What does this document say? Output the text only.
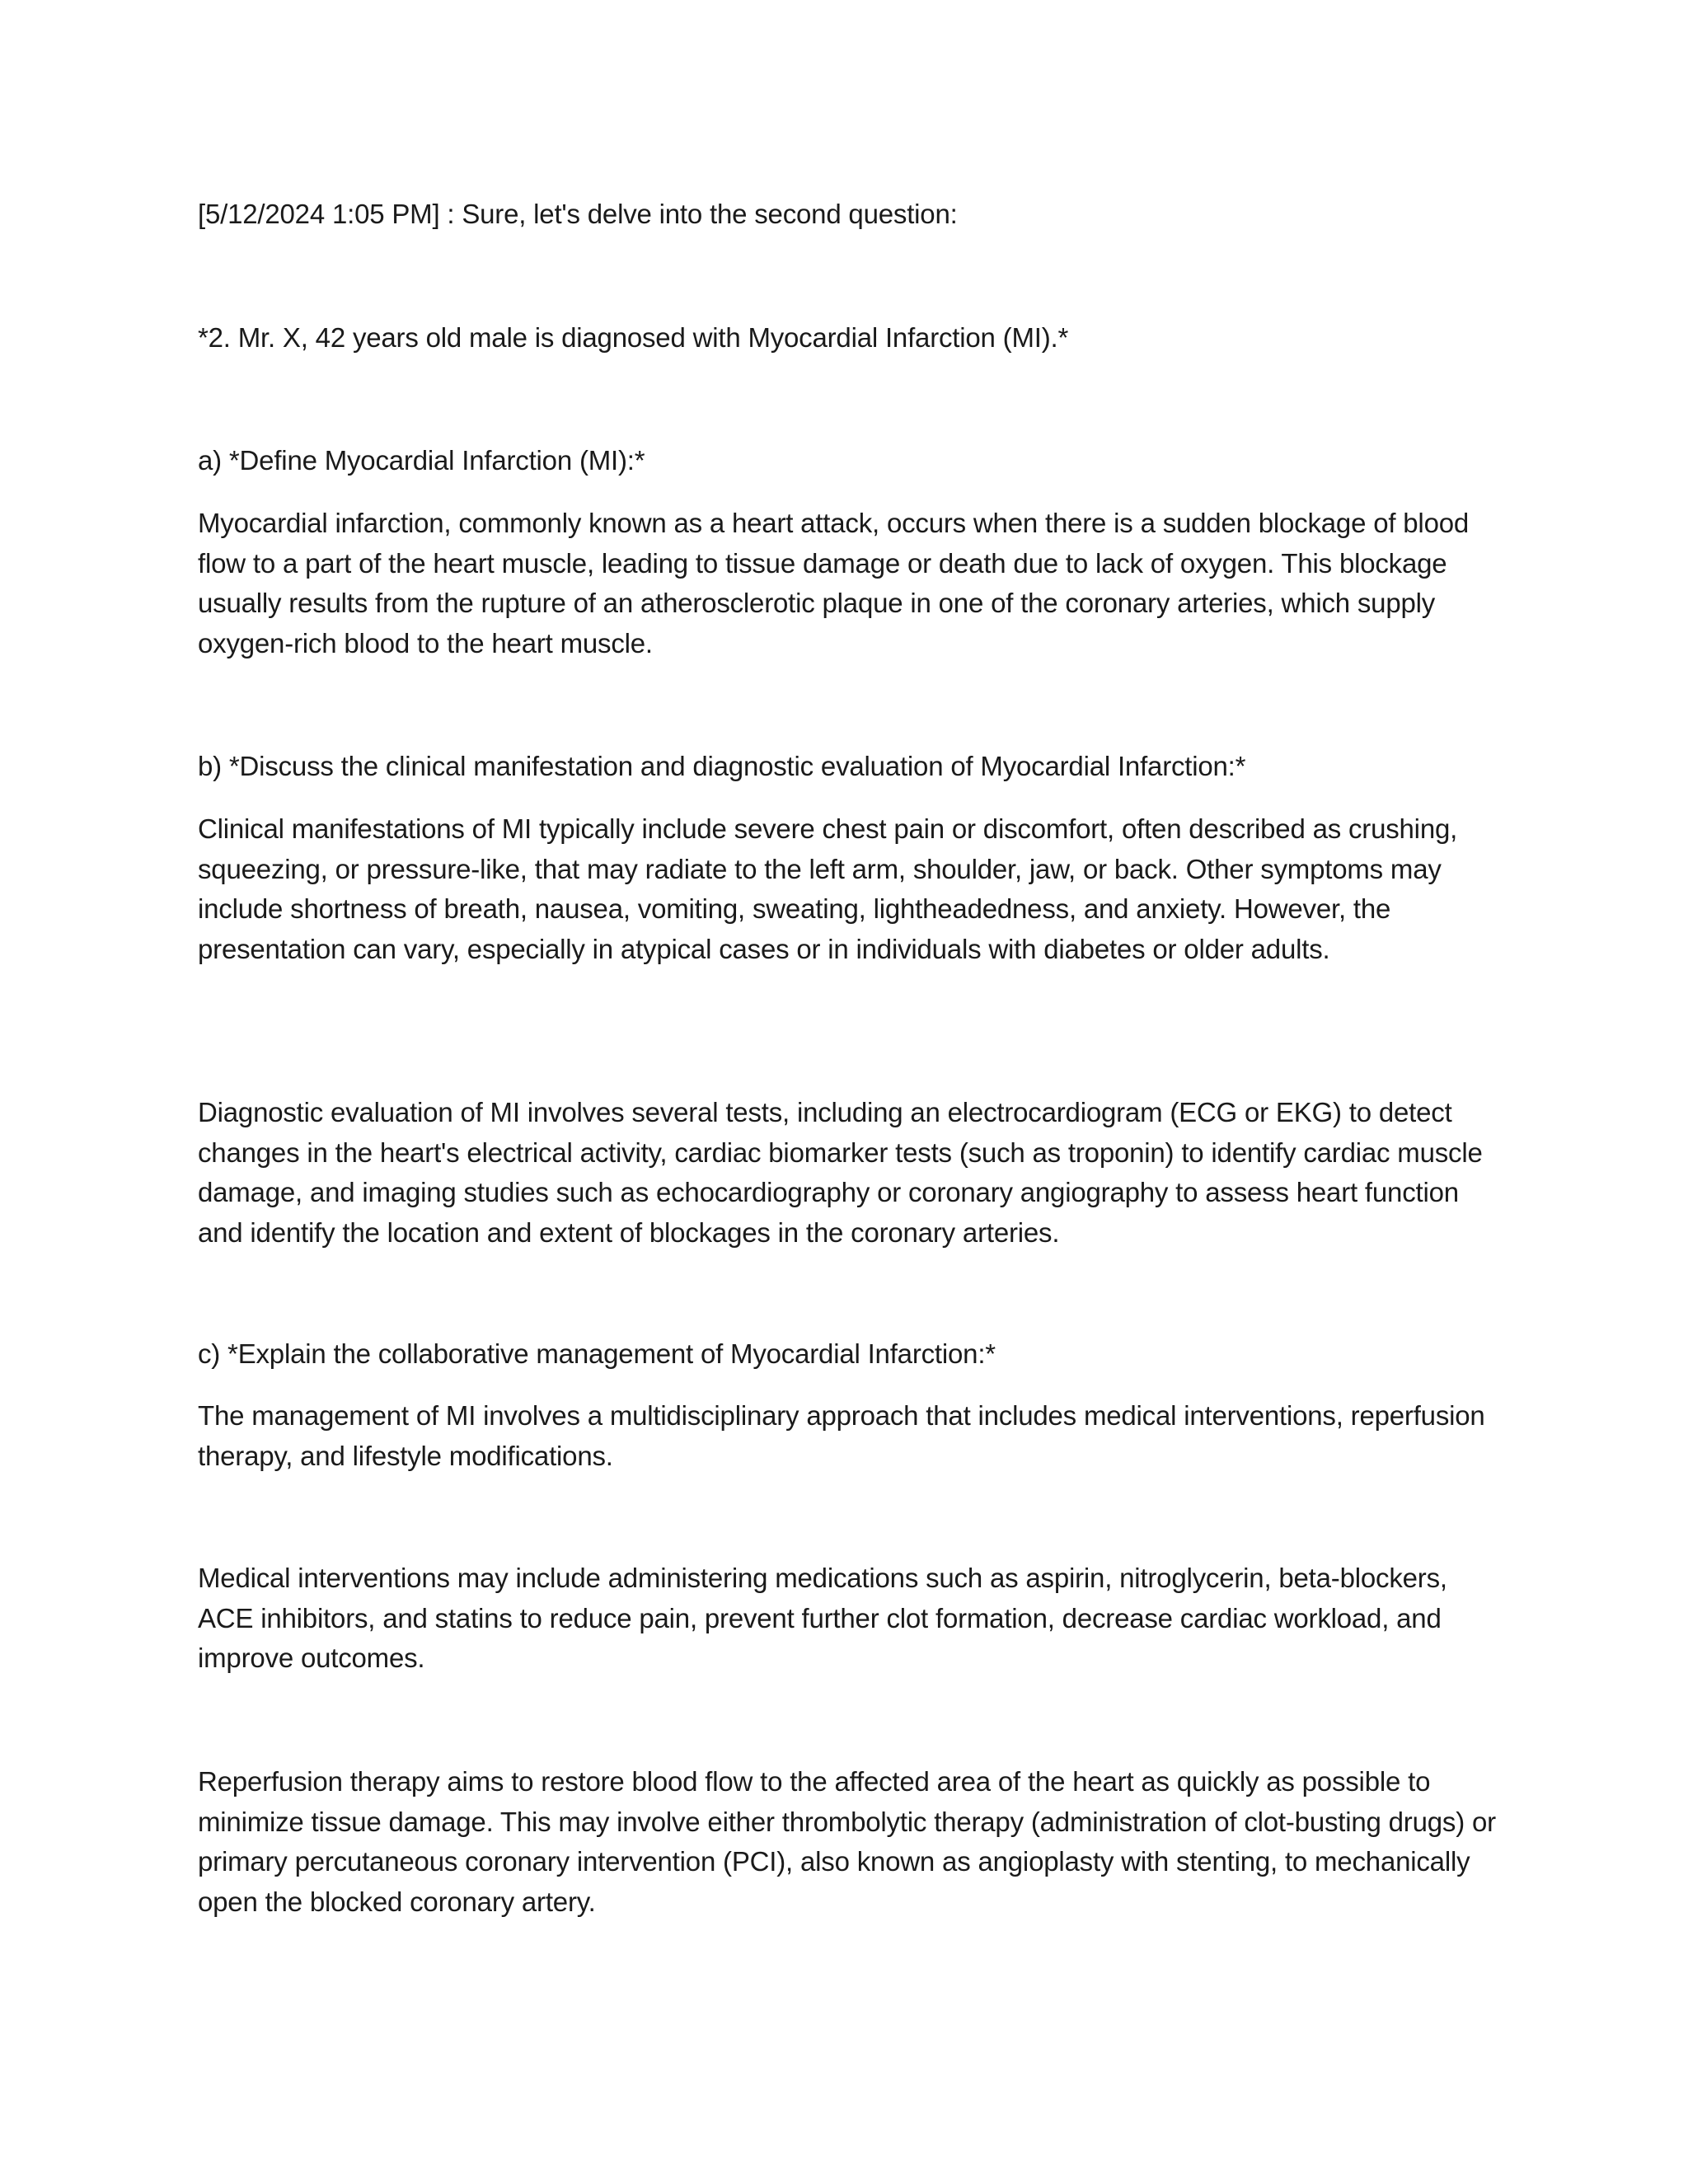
[5/12/2024 1:05 PM] : Sure, let's delve into the second question:

*2. Mr. X, 42 years old male is diagnosed with Myocardial Infarction (MI).*

a) *Define Myocardial Infarction (MI):*

Myocardial infarction, commonly known as a heart attack, occurs when there is a sudden blockage of blood flow to a part of the heart muscle, leading to tissue damage or death due to lack of oxygen. This blockage usually results from the rupture of an atherosclerotic plaque in one of the coronary arteries, which supply oxygen-rich blood to the heart muscle.

b) *Discuss the clinical manifestation and diagnostic evaluation of Myocardial Infarction:*

Clinical manifestations of MI typically include severe chest pain or discomfort, often described as crushing, squeezing, or pressure-like, that may radiate to the left arm, shoulder, jaw, or back. Other symptoms may include shortness of breath, nausea, vomiting, sweating, lightheadedness, and anxiety. However, the presentation can vary, especially in atypical cases or in individuals with diabetes or older adults.

Diagnostic evaluation of MI involves several tests, including an electrocardiogram (ECG or EKG) to detect changes in the heart's electrical activity, cardiac biomarker tests (such as troponin) to identify cardiac muscle damage, and imaging studies such as echocardiography or coronary angiography to assess heart function and identify the location and extent of blockages in the coronary arteries.

c) *Explain the collaborative management of Myocardial Infarction:*

The management of MI involves a multidisciplinary approach that includes medical interventions, reperfusion therapy, and lifestyle modifications.

Medical interventions may include administering medications such as aspirin, nitroglycerin, beta-blockers, ACE inhibitors, and statins to reduce pain, prevent further clot formation, decrease cardiac workload, and improve outcomes.

Reperfusion therapy aims to restore blood flow to the affected area of the heart as quickly as possible to minimize tissue damage. This may involve either thrombolytic therapy (administration of clot-busting drugs) or primary percutaneous coronary intervention (PCI), also known as angioplasty with stenting, to mechanically open the blocked coronary artery.
